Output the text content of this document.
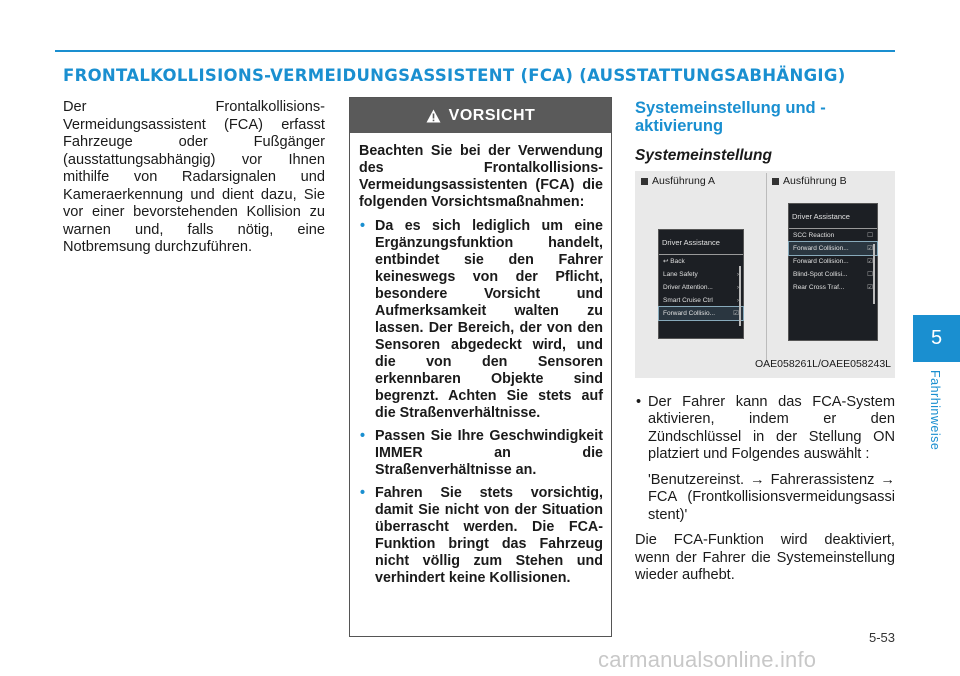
FRONTALKOLLISIONS-VERMEIDUNGSASSISTENT (FCA) (AUSSTATTUNGSABHÄNGIG)
Der Frontalkollisions-Vermeidungsassistent (FCA) erfasst Fahrzeuge oder Fußgänger (ausstattungsabhängig) vor Ihnen mithilfe von Radarsignalen und Kameraerkennung und dient dazu, Sie vor einer bevorstehenden Kollision zu warnen und, falls nötig, eine Notbremsung durchzuführen.
VORSICHT

Beachten Sie bei der Verwendung des Frontalkollisions-Vermeidungsassistenten (FCA) die folgenden Vorsichtsmaßnahmen:

• Da es sich lediglich um eine Ergänzungsfunktion handelt, entbindet sie den Fahrer keineswegs von der Pflicht, besondere Vorsicht und Aufmerksamkeit walten zu lassen. Der Bereich, der von den Sensoren abgedeckt wird, und die von den Sensoren erkennbaren Objekte sind begrenzt. Achten Sie stets auf die Straßenverhältnisse.
• Passen Sie Ihre Geschwindigkeit IMMER an die Straßenverhältnisse an.
• Fahren Sie stets vorsichtig, damit Sie nicht von der Situation überrascht werden. Die FCA-Funktion bringt das Fahrzeug nicht völlig zum Stehen und verhindert keine Kollisionen.
Systemeinstellung und -aktivierung
Systemeinstellung
Ausführung A	Ausführung B
Driver Assistance
↩ Back
Lane Safety	›
Driver Attention...	›
Smart Cruise Ctrl	›
Forward Collisio...	☑
Driver Assistance
SCC Reaction	☐
Forward Collision...	☑
Forward Collision...	☑
Blind-Spot Collisi...	☐
Rear Cross Traf...	☑
OAE058261L/OAEE058243L
• Der Fahrer kann das FCA-System aktivieren, indem er den Zündschlüssel in der Stellung ON platziert und Folgendes auswählt :
'Benutzereinst. → Fahrerassistenz → FCA (Frontkollisionsvermeidungsassistent)'
Die FCA-Funktion wird deaktiviert, wenn der Fahrer die Systemeinstellung wieder aufhebt.
5
Fahrhinweise
5-53
carmanualsonline.info
